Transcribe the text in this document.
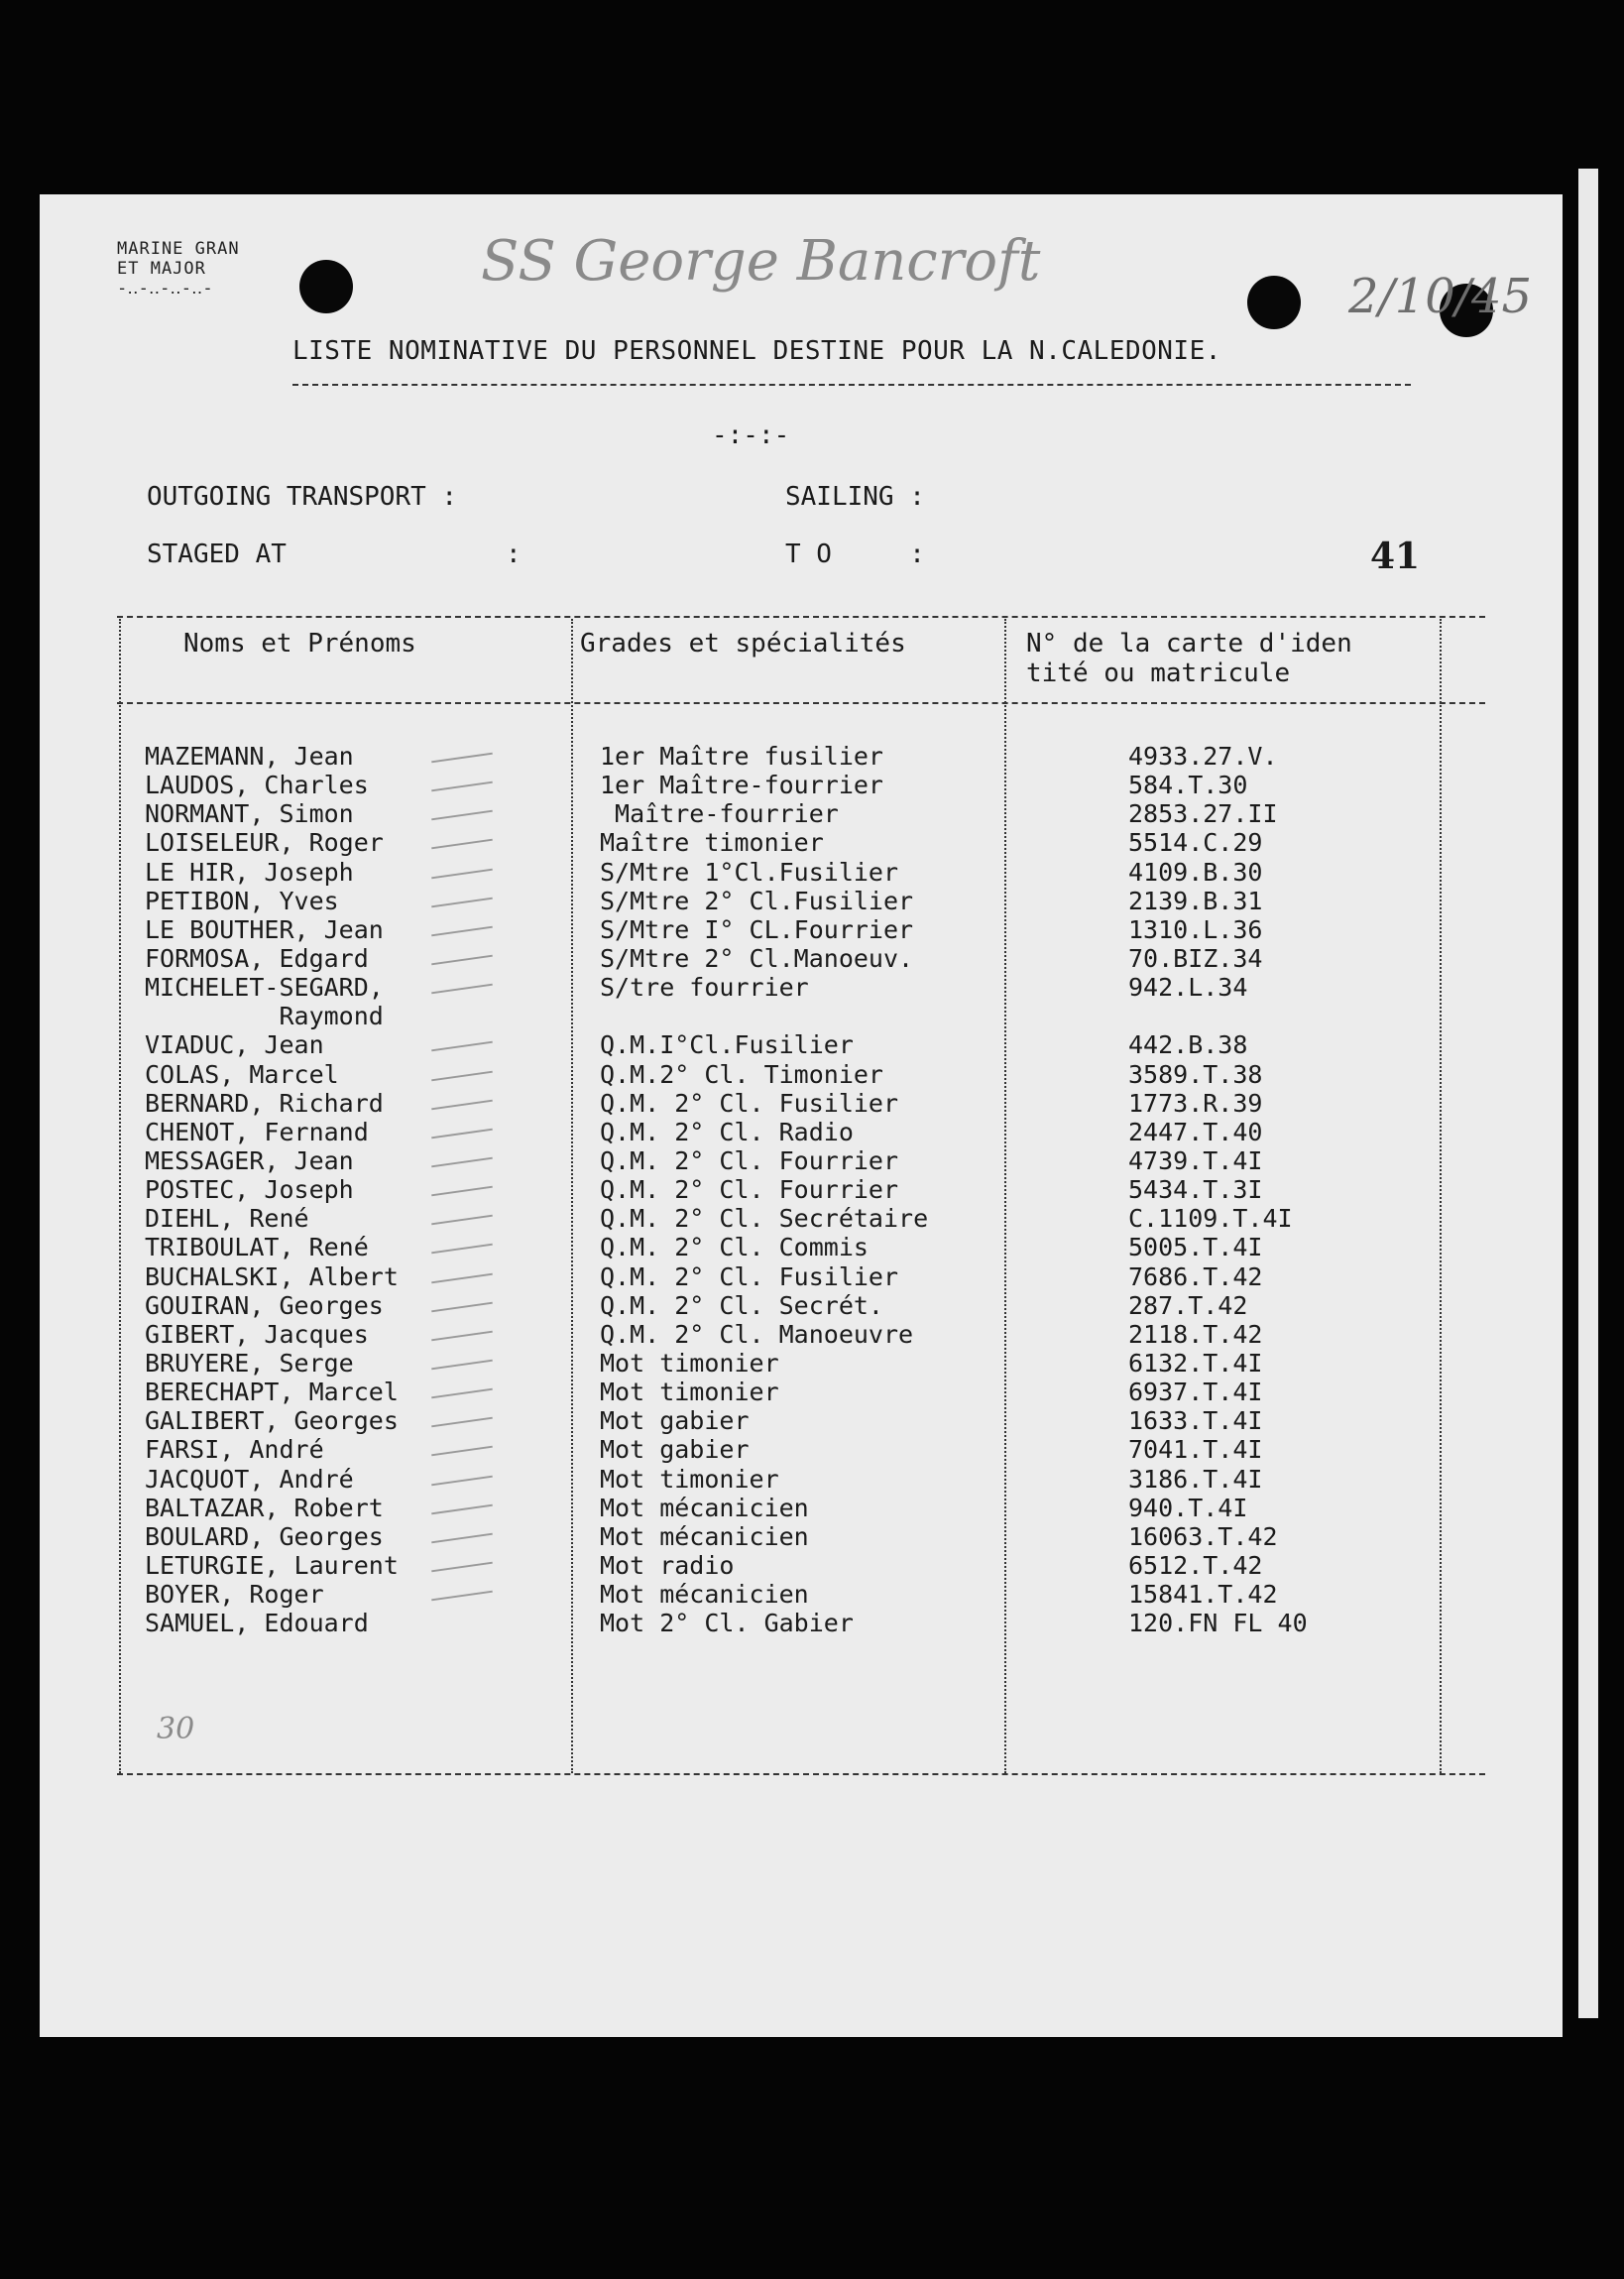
MARINE GRAN
ET MAJOR
-‥-‥-‥-‥-	SS George Bancroft
2/10/45
LISTE NOMINATIVE DU PERSONNEL DESTINE POUR LA N.CALEDONIE.
-:-:-
OUTGOING TRANSPORT :	SAILING :
STAGED AT	:	T O     :	41
Noms et Prénoms	Grades et spécialités	N° de la carte d'iden
tité ou matricule
MAZEMANN, Jean	1er Maître fusilier	4933.27.V.
LAUDOS, Charles	1er Maître-fourrier	584.T.30
NORMANT, Simon	Maître-fourrier	2853.27.II
LOISELEUR, Roger	Maître timonier	5514.C.29
LE HIR, Joseph	S/Mtre 1°Cl.Fusilier	4109.B.30
PETIBON, Yves	S/Mtre 2° Cl.Fusilier	2139.B.31
LE BOUTHER, Jean	S/Mtre I° CL.Fourrier	1310.L.36
FORMOSA, Edgard	S/Mtre 2° Cl.Manoeuv.	70.BIZ.34
MICHELET-SEGARD,	S/tre fourrier	942.L.34
Raymond
VIADUC, Jean	Q.M.I°Cl.Fusilier	442.B.38
COLAS, Marcel	Q.M.2° Cl. Timonier	3589.T.38
BERNARD, Richard	Q.M. 2° Cl. Fusilier	1773.R.39
CHENOT, Fernand	Q.M. 2° Cl. Radio	2447.T.40
MESSAGER, Jean	Q.M. 2° Cl. Fourrier	4739.T.4I
POSTEC, Joseph	Q.M. 2° Cl. Fourrier	5434.T.3I
DIEHL, René	Q.M. 2° Cl. Secrétaire	C.1109.T.4I
TRIBOULAT, René	Q.M. 2° Cl. Commis	5005.T.4I
BUCHALSKI, Albert	Q.M. 2° Cl. Fusilier	7686.T.42
GOUIRAN, Georges	Q.M. 2° Cl. Secrét.	287.T.42
GIBERT, Jacques	Q.M. 2° Cl. Manoeuvre	2118.T.42
BRUYERE, Serge	Mot timonier	6132.T.4I
BERECHAPT, Marcel	Mot timonier	6937.T.4I
GALIBERT, Georges	Mot gabier	1633.T.4I
FARSI, André	Mot gabier	7041.T.4I
JACQUOT, André	Mot timonier	3186.T.4I
BALTAZAR, Robert	Mot mécanicien	940.T.4I
BOULARD, Georges	Mot mécanicien	16063.T.42
LETURGIE, Laurent	Mot radio	6512.T.42
BOYER, Roger	Mot mécanicien	15841.T.42
SAMUEL, Edouard	Mot 2° Cl. Gabier	120.FN FL 40
30
